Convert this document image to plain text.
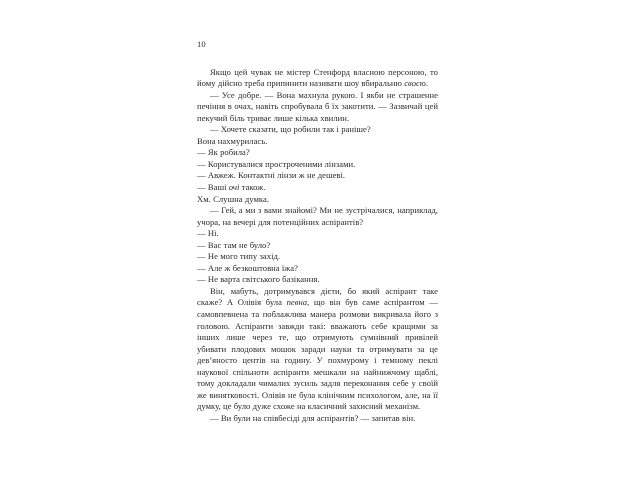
10

Якщо цей чувак не містер Стенфорд власною персоною, то йому дійсно треба припинити називати шоу вбиральню своєю.

— Усе добре. — Вона махнула рукою. І якби не страшенне печіння в очах, навіть спробувала б їх закотити. — Зазвичай цей пекучий біль триває лише кілька хвилин.

— Хочете сказати, що робили так і раніше?

Вона нахмурилась.

— Як робила?

— Користувалися простроченими лінзами.

— Авжеж. Контактні лінзи ж не дешеві.

— Ваші очі також.

Хм. Слушна думка.

— Гей, а ми з вами знайомі? Ми не зустрічалися, наприклад, учора, на вечері для потенційних аспірантів?

— Ні.

— Вас там не було?

— Не мого типу захід.

— Але ж безкоштовна їжа?

— Не варта світського базікання.

Він, мабуть, дотримувався дієти, бо який аспірант таке скаже? А Олівія була певна, що він був саме аспірантом — самовпевнена та поблажлива манера розмови викривала його з головою. Аспіранти завжди такі: вважають себе кращими за інших лише через те, що отримують сумнівний привілей убивати плодових мошок заради науки та отримувати за це дев’яносто центів на годину. У похмурому і темному пеклі наукової спільноти аспіранти мешкали на найнижчому щаблі, тому докладали чималих зусиль задля переконання себе у своїй же винятковості. Олівія не була клінічним психологом, але, на її думку, це було дуже схоже на класичний захисний механізм.

— Ви були на співбесіді для аспірантів? — запитав він.
